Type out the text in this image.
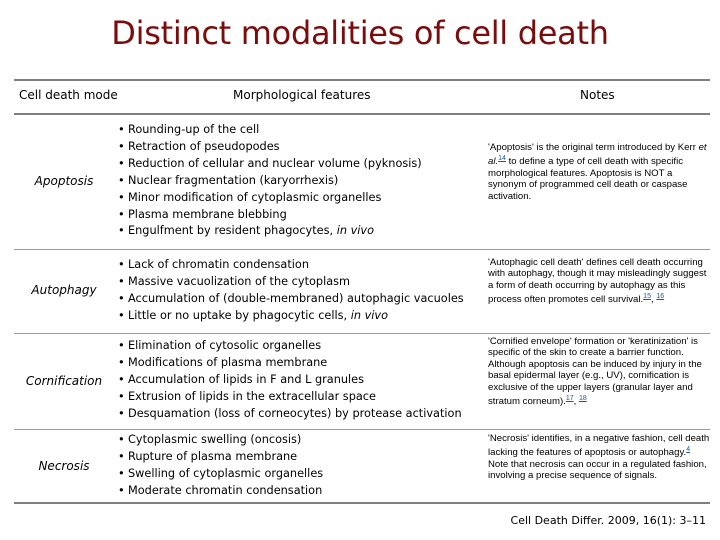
Distinct modalities of cell death
Cell death mode	Morphological features	Notes
Apoptosis
• Rounding-up of the cell
• Retraction of pseudopodes
• Reduction of cellular and nuclear volume (pyknosis)
• Nuclear fragmentation (karyorrhexis)
• Minor modification of cytoplasmic organelles
• Plasma membrane blebbing
• Engulfment by resident phagocytes, in vivo
'Apoptosis' is the original term introduced by Kerr et al.$^{14}$ to define a type of cell death with specific morphological features. Apoptosis is NOT a synonym of programmed cell death or caspase activation.
Autophagy
• Lack of chromatin condensation
• Massive vacuolization of the cytoplasm
• Accumulation of (double-membraned) autophagic vacuoles
• Little or no uptake by phagocytic cells, in vivo
'Autophagic cell death' defines cell death occurring with autophagy, though it may misleadingly suggest a form of death occurring by autophagy as this process often promotes cell survival.$^{15}$, $^{16}$
Cornification
• Elimination of cytosolic organelles
• Modifications of plasma membrane
• Accumulation of lipids in F and L granules
• Extrusion of lipids in the extracellular space
• Desquamation (loss of corneocytes) by protease activation
'Cornified envelope' formation or 'keratinization' is specific of the skin to create a barrier function. Although apoptosis can be induced by injury in the basal epidermal layer (e.g., UV), cornification is exclusive of the upper layers (granular layer and stratum corneum).$^{17}$, $^{18}$
Necrosis
• Cytoplasmic swelling (oncosis)
• Rupture of plasma membrane
• Swelling of cytoplasmic organelles
• Moderate chromatin condensation
'Necrosis' identifies, in a negative fashion, cell death lacking the features of apoptosis or autophagy.$^4$ Note that necrosis can occur in a regulated fashion, involving a precise sequence of signals.
Cell Death Differ. 2009, 16(1): 3–11
